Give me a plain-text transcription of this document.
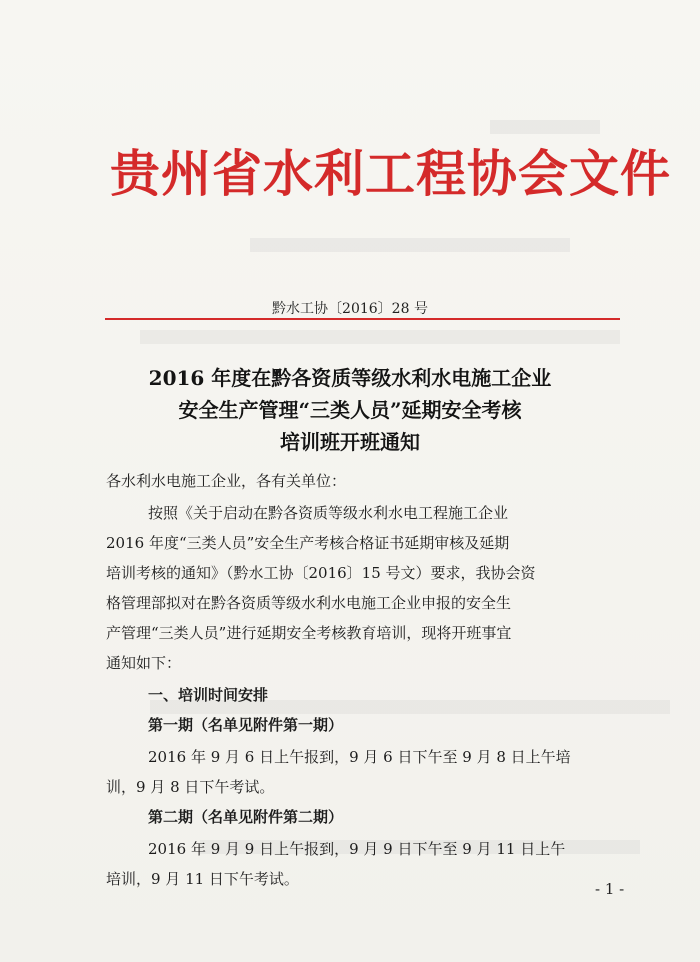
贵州省水利工程协会文件
黔水工协〔2016〕28 号
2016 年度在黔各资质等级水利水电施工企业
安全生产管理“三类人员”延期安全考核
培训班开班通知
各水利水电施工企业，各有关单位：
按照《关于启动在黔各资质等级水利水电工程施工企业
2016 年度“三类人员”安全生产考核合格证书延期审核及延期
培训考核的通知》（黔水工协〔2016〕15 号文）要求，我协会资
格管理部拟对在黔各资质等级水利水电施工企业申报的安全生
产管理“三类人员”进行延期安全考核教育培训，现将开班事宜
通知如下：
一、培训时间安排
第一期（名单见附件第一期）
2016 年 9 月 6 日上午报到，9 月 6 日下午至 9 月 8 日上午培
训，9 月 8 日下午考试。
第二期（名单见附件第二期）
2016 年 9 月 9 日上午报到，9 月 9 日下午至 9 月 11 日上午
培训，9 月 11 日下午考试。
- 1 -
